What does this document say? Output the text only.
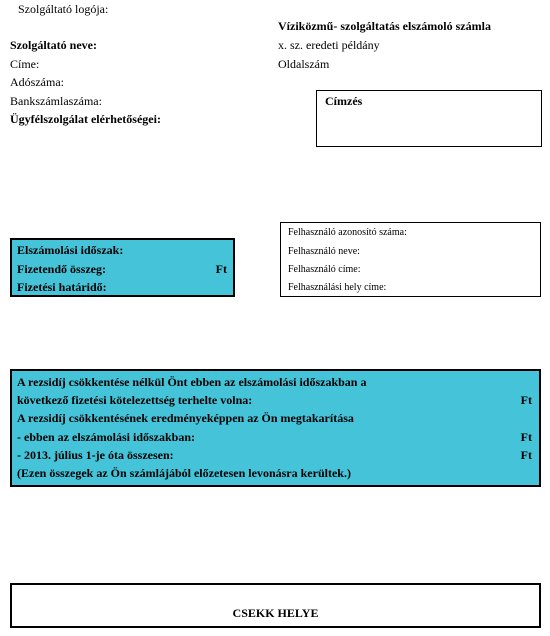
Szolgáltató logója:
Szolgáltató neve:
Címe:
Adószáma:
Bankszámlaszáma:
Ügyfélszolgálat elérhetőségei:
Víziközmű- szolgáltatás elszámoló számla
x. sz. eredeti példány
Oldalszám
Címzés
Elszámolási időszak:
Fizetendő összeg:	Ft
Fizetési határidő:
Felhasználó azonosító száma:
Felhasználó neve:
Felhasználó címe:
Felhasználási hely címe:
A rezsidíj csökkentése nélkül Önt ebben az elszámolási időszakban a
következő fizetési kötelezettség terhelte volna:	Ft
A rezsidíj csökkentésének eredményeképpen az Ön megtakarítása
- ebben az elszámolási időszakban:	Ft
- 2013. július 1-je óta összesen:	Ft
(Ezen összegek az Ön számlájából előzetesen levonásra kerültek.)
CSEKK HELYE
